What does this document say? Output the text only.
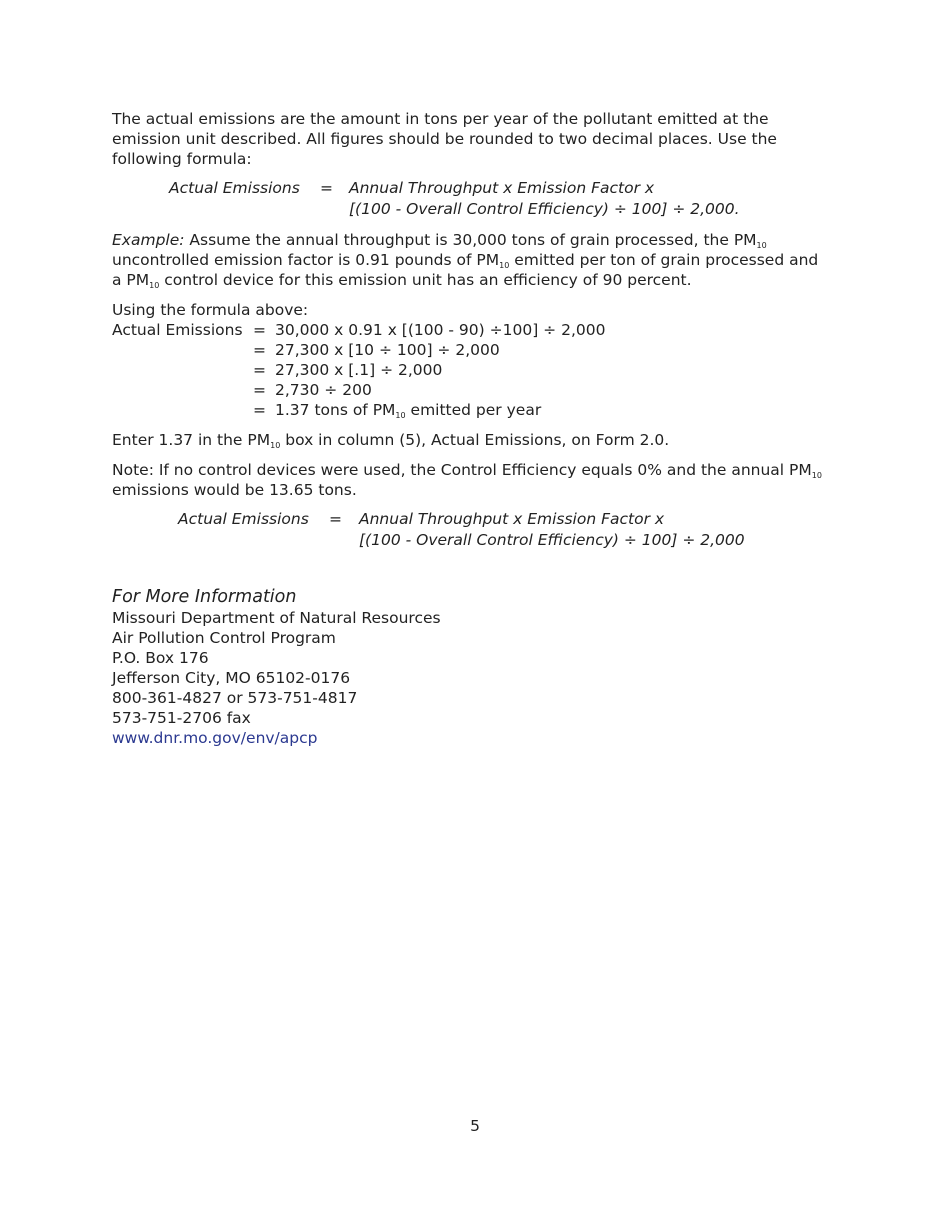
The actual emissions are the amount in tons per year of the pollutant emitted at the emission unit described. All figures should be rounded to two decimal places. Use the following formula:

Actual Emissions = Annual Throughput x Emission Factor x
[(100 - Overall Control Efficiency) ÷ 100] ÷ 2,000.

Example: Assume the annual throughput is 30,000 tons of grain processed, the $PM_{10}$
uncontrolled emission factor is 0.91 pounds of $PM_{10}$ emitted per ton of grain processed and
a $PM_{10}$ control device for this emission unit has an efficiency of 90 percent.

Using the formula above:

Actual Emissions = 30,000 x 0.91 x [(100 - 90) ÷100] ÷ 2,000
= 27,300 x [10 ÷ 100] ÷ 2,000
= 27,300 x [.1] ÷ 2,000
= 2,730 ÷ 200
= 1.37 tons of $PM_{10}$ emitted per year

Enter 1.37 in the $PM_{10}$ box in column (5), Actual Emissions, on Form 2.0.

Note: If no control devices were used, the Control Efficiency equals 0% and the annual $PM_{10}$
emissions would be 13.65 tons.

Actual Emissions = Annual Throughput x Emission Factor x
[(100 - Overall Control Efficiency) ÷ 100] ÷ 2,000
For More Information

Missouri Department of Natural Resources

Air Pollution Control Program

P.O. Box 176

Jefferson City, MO 65102-0176

800-361-4827 or 573-751-4817

573-751-2706 fax

www.dnr.mo.gov/env/apcp

5
